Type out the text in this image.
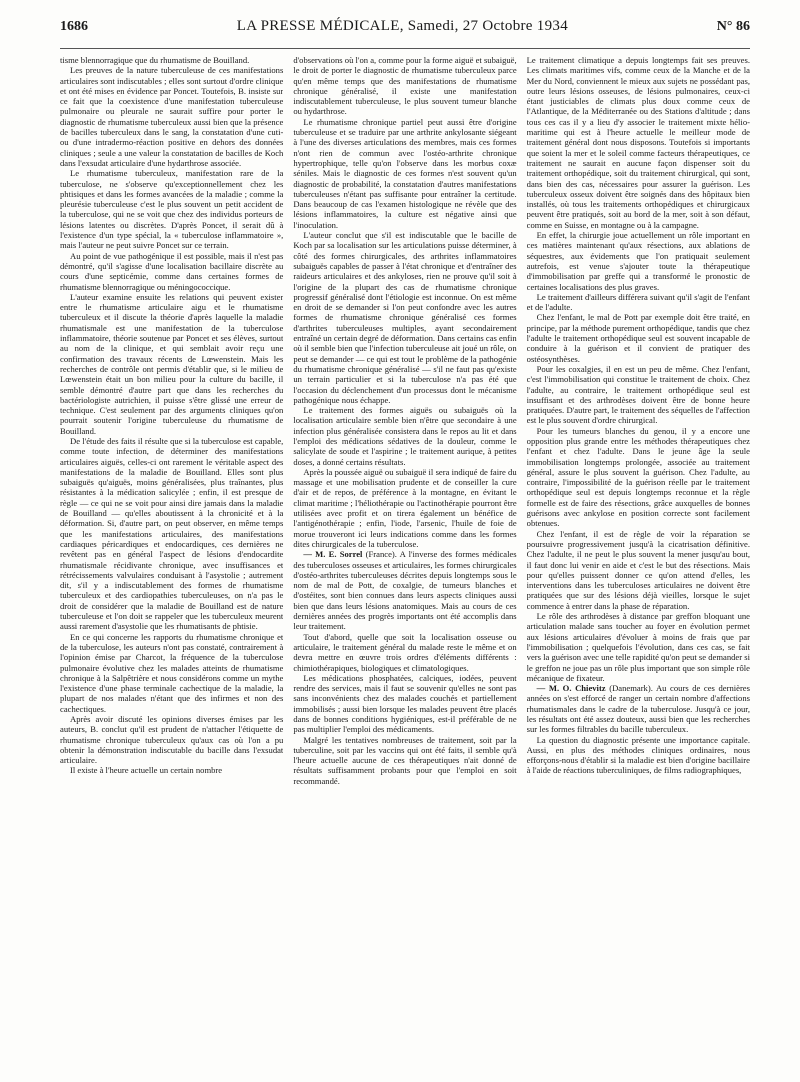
1686	LA PRESSE MÉDICALE, Samedi, 27 Octobre 1934	N° 86

tisme blennorragique que du rhumatisme de Bouilland.

Les preuves de la nature tuberculeuse de ces manifestations articulaires sont indiscutables ; elles sont surtout d'ordre clinique et ont été mises en évidence par Poncet. Toutefois, B. insiste sur ce fait que la coexistence d'une manifestation tuberculeuse pulmonaire ou pleurale ne saurait suffire pour porter le diagnostic de rhumatisme tuberculeux aussi bien que la présence de bacilles tuberculeux dans le sang, la constatation d'une cuti- ou d'une intradermo-réaction positive en dehors des données cliniques ; seule a une valeur la constatation de bacilles de Koch dans l'exsudat articulaire d'une hydarthrose associée.

Le rhumatisme tuberculeux, manifestation rare de la tuberculose, ne s'observe qu'exceptionnellement chez les phtisiques et dans les formes avancées de la maladie ; comme la pleurésie tuberculeuse c'est le plus souvent un petit accident de la tuberculose, qui ne se voit que chez des individus porteurs de lésions latentes ou discrètes. D'après Poncet, il serait dû à l'existence d'un type spécial, la « tuberculose inflammatoire », mais l'auteur ne peut suivre Poncet sur ce terrain.

Au point de vue pathogénique il est possible, mais il n'est pas démontré, qu'il s'agisse d'une localisation bacillaire discrète au cours d'une septicémie, comme dans certaines formes de rhumatisme blennorragique ou méningococcique.

L'auteur examine ensuite les relations qui peuvent exister entre le rhumatisme articulaire aigu et le rhumatisme tuberculeux et il discute la théorie d'après laquelle la maladie rhumatismale est une manifestation de la tuberculose inflammatoire, théorie soutenue par Poncet et ses élèves, surtout au nom de la clinique, et qui semblait avoir reçu une confirmation des travaux récents de Lœwenstein. Mais les recherches de contrôle ont permis d'établir que, si le milieu de Lœwenstein était un bon milieu pour la culture du bacille, il semble démontré d'autre part que dans les recherches du bactériologiste autrichien, il puisse s'être glissé une erreur de technique. C'est seulement par des arguments cliniques qu'on pourrait soutenir l'origine tuberculeuse du rhumatisme de Bouilland.

De l'étude des faits il résulte que si la tuberculose est capable, comme toute infection, de déterminer des manifestations articulaires aiguës, celles-ci ont rarement le véritable aspect des manifestations de la maladie de Bouilland. Elles sont plus subaiguës qu'aiguës, moins généralisées, plus traînantes, plus résistantes à la médication salicylée ; enfin, il est presque de règle — ce qui ne se voit pour ainsi dire jamais dans la maladie de Bouilland — qu'elles aboutissent à la chronicité et à la déformation. Si, d'autre part, on peut observer, en même temps que les manifestations articulaires, des manifestations cardiaques péricardiques et endocardiques, ces dernières ne revêtent pas en général l'aspect de lésions d'endocardite rhumatismale récidivante chronique, avec insuffisances et rétrécissements valvulaires conduisant à l'asystolie ; autrement dit, s'il y a indiscutablement des formes de rhumatisme tuberculeux et des cardiopathies tuberculeuses, on n'a pas le droit de considérer que la maladie de Bouilland est de nature tuberculeuse et l'on doit se rappeler que les tuberculeux meurent aussi rarement d'asystolie que les rhumatisants de phtisie.

En ce qui concerne les rapports du rhumatisme chronique et de la tuberculose, les auteurs n'ont pas constaté, contrairement à l'opinion émise par Charcot, la fréquence de la tuberculose pulmonaire évolutive chez les malades atteints de rhumatisme chronique à la Salpêtrière et nous considérons comme un mythe l'existence d'une phase terminale cachectique de la maladie, la plupart de nos malades n'étant que des infirmes et non des cachectiques.

Après avoir discuté les opinions diverses émises par les auteurs, B. conclut qu'il est prudent de n'attacher l'étiquette de rhumatisme chronique tuberculeux qu'aux cas où l'on a pu obtenir la démonstration indiscutable du bacille dans l'exsudat articulaire.

Il existe à l'heure actuelle un certain nombre

d'observations où l'on a, comme pour la forme aiguë et subaiguë, le droit de porter le diagnostic de rhumatisme tuberculeux parce qu'en même temps que des manifestations de rhumatisme chronique généralisé, il existe une manifestation indiscutablement tuberculeuse, le plus souvent tumeur blanche ou hydarthrose.

Le rhumatisme chronique partiel peut aussi être d'origine tuberculeuse et se traduire par une arthrite ankylosante siégeant à l'une des diverses articulations des membres, mais ces formes n'ont rien de commun avec l'ostéo-arthrite chronique hypertrophique, telle qu'on l'observe dans les morbus coxæ séniles. Mais le diagnostic de ces formes n'est souvent qu'un diagnostic de probabilité, la constatation d'autres manifestations tuberculeuses n'étant pas suffisante pour entraîner la certitude. Dans beaucoup de cas l'examen histologique ne révèle que des lésions inflammatoires, la culture est négative ainsi que l'inoculation.

L'auteur conclut que s'il est indiscutable que le bacille de Koch par sa localisation sur les articulations puisse déterminer, à côté des formes chirurgicales, des arthrites inflammatoires subaiguës capables de passer à l'état chronique et d'entraîner des raideurs articulaires et des ankyloses, rien ne prouve qu'il soit à l'origine de la plupart des cas de rhumatisme chronique progressif généralisé dont l'étiologie est inconnue. On est même en droit de se demander si l'on peut confondre avec les autres formes de rhumatisme chronique généralisé ces formes d'arthrites tuberculeuses multiples, ayant secondairement entraîné un certain degré de déformation. Dans certains cas enfin où il semble bien que l'infection tuberculeuse ait joué un rôle, on peut se demander — ce qui est tout le problème de la pathogénie du rhumatisme chronique généralisé — s'il ne faut pas qu'existe un terrain particulier et si la tuberculose n'a pas été que l'occasion du déclenchement d'un processus dont le mécanisme pathogénique nous échappe.

Le traitement des formes aiguës ou subaiguës où la localisation articulaire semble bien n'être que secondaire à une infection plus généralisée consistera dans le repos au lit et dans l'emploi des médications sédatives de la douleur, comme le salicylate de soude et l'aspirine ; le traitement aurique, à petites doses, a donné certains résultats.

Après la poussée aiguë ou subaiguë il sera indiqué de faire du massage et une mobilisation prudente et de conseiller la cure d'air et de repos, de préférence à la montagne, en évitant le climat maritime ; l'héliothérapie ou l'actinothérapie pourront être utilisées avec profit et on tirera également un bénéfice de l'antigénothérapie ; enfin, l'iode, l'arsenic, l'huile de foie de morue trouveront ici leurs indications comme dans les formes dites chirurgicales de la tuberculose.

— M. E. Sorrel (France). A l'inverse des formes médicales des tuberculoses osseuses et articulaires, les formes chirurgicales d'ostéo-arthrites tuberculeuses décrites depuis longtemps sous le nom de mal de Pott, de coxalgie, de tumeurs blanches et d'ostéites, sont bien connues dans leurs aspects cliniques aussi bien que dans leurs lésions anatomiques. Mais au cours de ces dernières années des progrès importants ont été accomplis dans leur traitement.

Tout d'abord, quelle que soit la localisation osseuse ou articulaire, le traitement général du malade reste le même et on devra mettre en œuvre trois ordres d'éléments différents : chimiothérapiques, biologiques et climatologiques.

Les médications phosphatées, calciques, iodées, peuvent rendre des services, mais il faut se souvenir qu'elles ne sont pas sans inconvénients chez des malades couchés et partiellement immobilisés ; aussi bien lorsque les malades peuvent être placés dans de bonnes conditions hygiéniques, est-il préférable de ne pas multiplier l'emploi des médicaments.

Malgré les tentatives nombreuses de traitement, soit par la tuberculine, soit par les vaccins qui ont été faits, il semble qu'à l'heure actuelle aucune de ces thérapeutiques n'ait donné de résultats suffisamment probants pour que l'emploi en soit recommandé.

Le traitement climatique a depuis longtemps fait ses preuves. Les climats maritimes vifs, comme ceux de la Manche et de la Mer du Nord, conviennent le mieux aux sujets ne possédant pas, outre leurs lésions osseuses, de lésions pulmonaires, ceux-ci étant justiciables de climats plus doux comme ceux de l'Atlantique, de la Méditerranée ou des Stations d'altitude ; dans tous ces cas il y a lieu d'y associer le traitement mixte hélio-maritime qui est à l'heure actuelle le meilleur mode de traitement général dont nous disposons. Toutefois si importants que soient la mer et le soleil comme facteurs thérapeutiques, ce traitement ne saurait en aucune façon dispenser soit du traitement orthopédique, soit du traitement chirurgical, qui sont, dans bien des cas, nécessaires pour assurer la guérison. Les tuberculeux osseux doivent être soignés dans des hôpitaux bien installés, où tous les traitements orthopédiques et chirurgicaux peuvent être pratiqués, soit au bord de la mer, soit à son défaut, comme en Suisse, en montagne ou à la campagne.

En effet, la chirurgie joue actuellement un rôle important en ces matières maintenant qu'aux résections, aux ablations de séquestres, aux évidements que l'on pratiquait seulement autrefois, est venue s'ajouter toute la thérapeutique d'immobilisation par greffe qui a transformé le pronostic de certaines localisations des plus graves.

Le traitement d'ailleurs différera suivant qu'il s'agit de l'enfant et de l'adulte.

Chez l'enfant, le mal de Pott par exemple doit être traité, en principe, par la méthode purement orthopédique, tandis que chez l'adulte le traitement orthopédique seul est souvent incapable de conduire à la guérison et il convient de pratiquer des ostéosynthèses.

Pour les coxalgies, il en est un peu de même. Chez l'enfant, c'est l'immobilisation qui constitue le traitement de choix. Chez l'adulte, au contraire, le traitement orthopédique seul est insuffisant et des arthrodèses doivent être de bonne heure pratiquées. D'autre part, le traitement des séquelles de l'affection est le plus souvent d'ordre chirurgical.

Pour les tumeurs blanches du genou, il y a encore une opposition plus grande entre les méthodes thérapeutiques chez l'enfant et chez l'adulte. Dans le jeune âge la seule immobilisation longtemps prolongée, associée au traitement général, assure le plus souvent la guérison. Chez l'adulte, au contraire, l'impossibilité de la guérison réelle par le traitement orthopédique seul est depuis longtemps reconnue et la règle formelle est de faire des résections, grâce auxquelles de bonnes guérisons avec ankylose en position correcte sont facilement obtenues.

Chez l'enfant, il est de règle de voir la réparation se poursuivre progressivement jusqu'à la cicatrisation définitive. Chez l'adulte, il ne peut le plus souvent la mener jusqu'au bout, il faut donc lui venir en aide et c'est le but des résections. Mais pour qu'elles puissent donner ce qu'on attend d'elles, les interventions dans les tuberculoses articulaires ne doivent être pratiquées que sur des lésions déjà vieilles, lorsque le sujet commence à entrer dans la phase de réparation.

Le rôle des arthrodèses à distance par greffon bloquant une articulation malade sans toucher au foyer en évolution permet aux lésions articulaires d'évoluer à moins de frais que par l'immobilisation ; quelquefois l'évolution, dans ces cas, se fait vers la guérison avec une telle rapidité qu'on peut se demander si le greffon ne joue pas un rôle plus important que son simple rôle mécanique de fixateur.

— M. O. Chievitz (Danemark). Au cours de ces dernières années on s'est efforcé de ranger un certain nombre d'affections rhumatismales dans le cadre de la tuberculose. Jusqu'à ce jour, les résultats ont été assez douteux, aussi bien que les recherches sur les formes filtrables du bacille tuberculeux.

La question du diagnostic présente une importance capitale. Aussi, en plus des méthodes cliniques ordinaires, nous efforçons-nous d'établir si la maladie est bien d'origine bacillaire à l'aide de réactions tuberculiniques, de films radiographiques,
